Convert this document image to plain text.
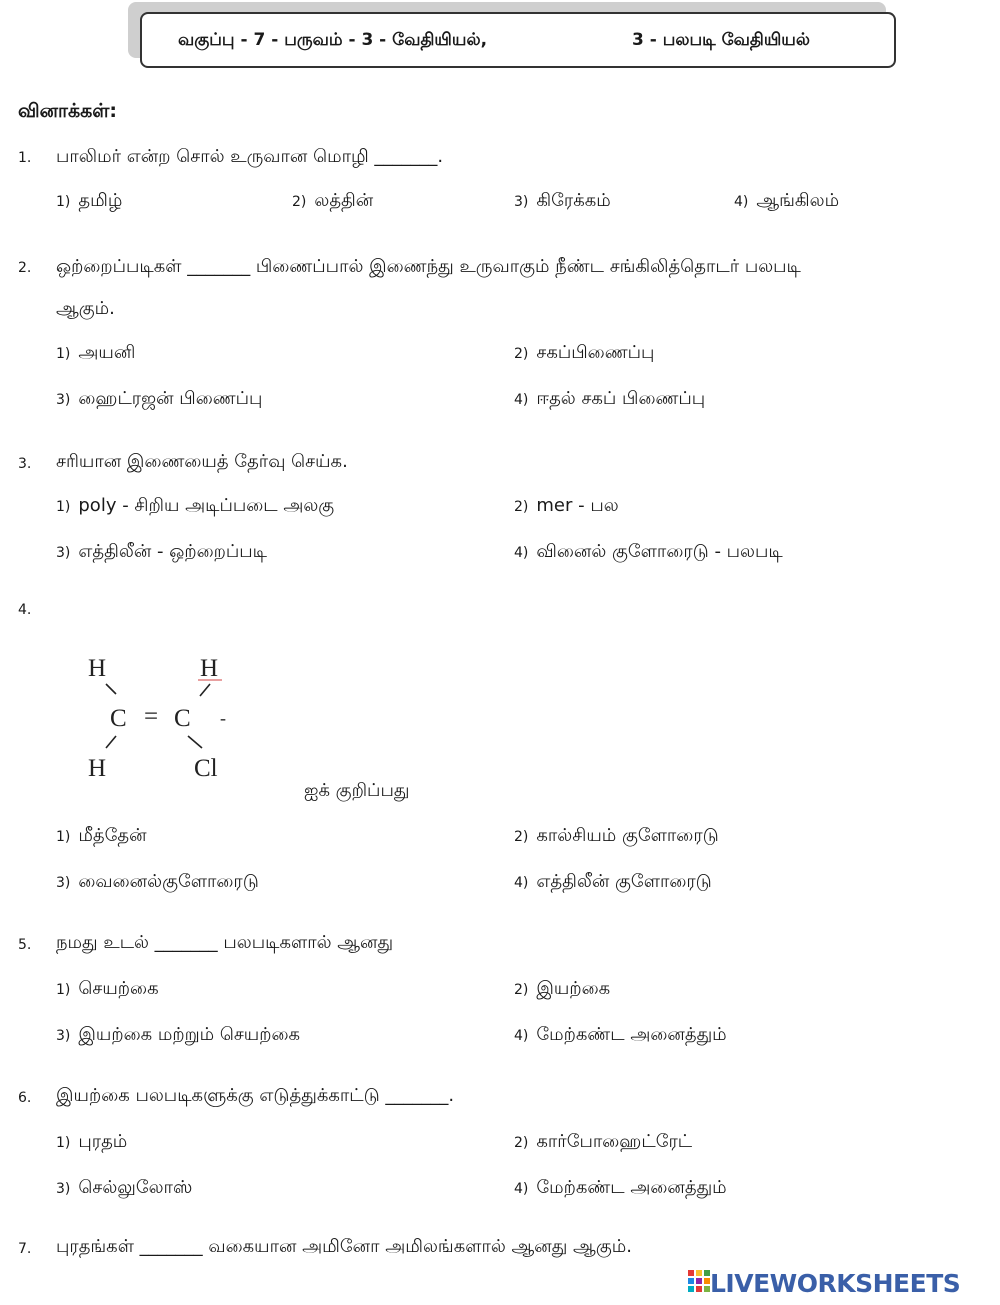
வகுப்பு - 7 - பருவம் - 3 - வேதியியல்,	3 - பலபடி வேதியியல்
வினாக்கள்:
1. பாலிமர் என்ற சொல் உருவான மொழி _______.
1) தமிழ்	2) லத்தின்	3) கிரேக்கம்	4) ஆங்கிலம்
2. ஒற்றைப்படிகள் _______ பிணைப்பால் இணைந்து உருவாகும் நீண்ட சங்கிலித்தொடர் பலபடி
ஆகும்.
1) அயனி	2) சகப்பிணைப்பு
3) ஹைட்ரஜன் பிணைப்பு	4) ஈதல் சகப் பிணைப்பு
3. சரியான இணையைத் தேர்வு செய்க.
1) poly - சிறிய அடிப்படை அலகு	2) mer - பல
3) எத்திலீன் - ஒற்றைப்படி	4) வினைல் குளோரைடு - பலபடி
4.
H	H
C = C -
H	Cl
ஐக் குறிப்பது
1) மீத்தேன்	2) கால்சியம் குளோரைடு
3) வைனைல்குளோரைடு	4) எத்திலீன் குளோரைடு
5. நமது உடல் _______ பலபடிகளால் ஆனது
1) செயற்கை	2) இயற்கை
3) இயற்கை மற்றும் செயற்கை	4) மேற்கண்ட அனைத்தும்
6. இயற்கை பலபடிகளுக்கு எடுத்துக்காட்டு _______.
1) புரதம்	2) கார்போஹைட்ரேட்
3) செல்லுலோஸ்	4) மேற்கண்ட அனைத்தும்
7. புரதங்கள் _______ வகையான அமினோ அமிலங்களால் ஆனது ஆகும்.
LIVEWORKSHEETS
